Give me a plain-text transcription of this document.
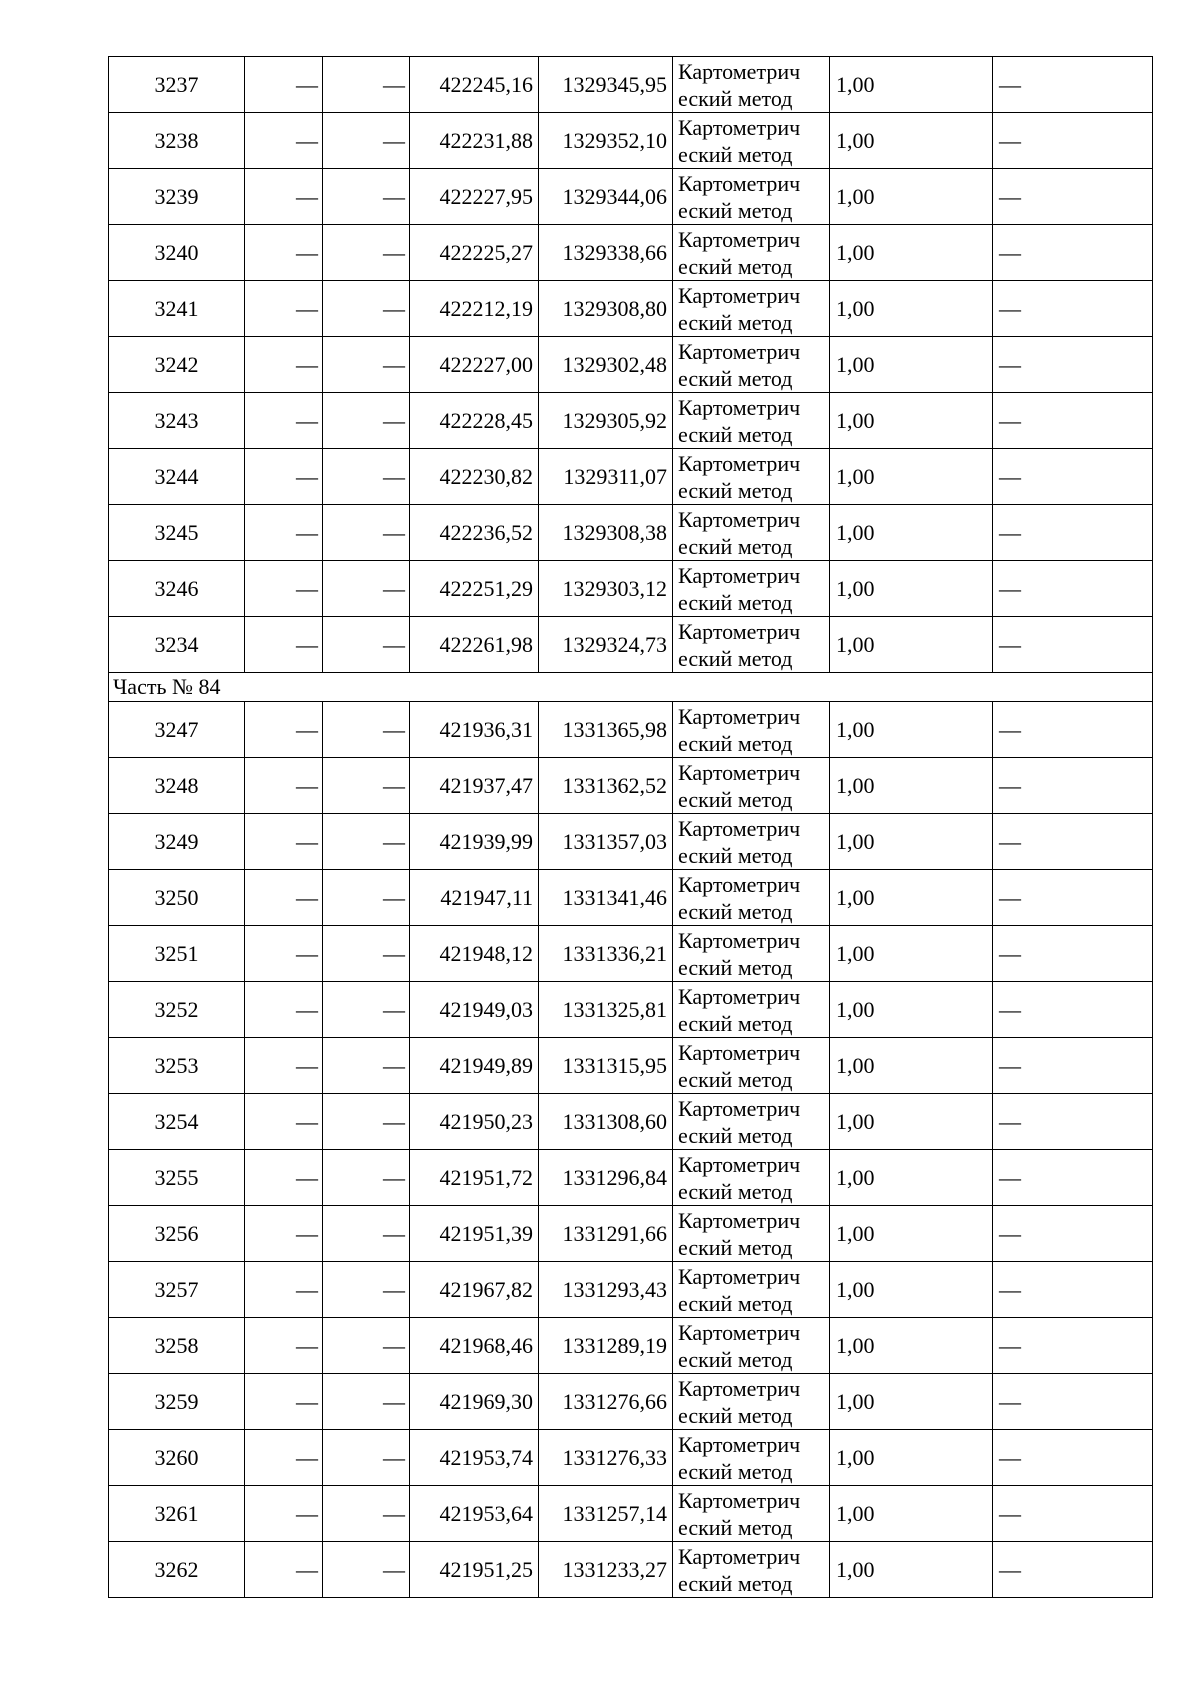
3237	—	—	422245,16	1329345,95	Картометрич
еский метод	1,00	—
3238	—	—	422231,88	1329352,10	Картометрич
еский метод	1,00	—
3239	—	—	422227,95	1329344,06	Картометрич
еский метод	1,00	—
3240	—	—	422225,27	1329338,66	Картометрич
еский метод	1,00	—
3241	—	—	422212,19	1329308,80	Картометрич
еский метод	1,00	—
3242	—	—	422227,00	1329302,48	Картометрич
еский метод	1,00	—
3243	—	—	422228,45	1329305,92	Картометрич
еский метод	1,00	—
3244	—	—	422230,82	1329311,07	Картометрич
еский метод	1,00	—
3245	—	—	422236,52	1329308,38	Картометрич
еский метод	1,00	—
3246	—	—	422251,29	1329303,12	Картометрич
еский метод	1,00	—
3234	—	—	422261,98	1329324,73	Картометрич
еский метод	1,00	—
Часть № 84							
3247	—	—	421936,31	1331365,98	Картометрич
еский метод	1,00	—
3248	—	—	421937,47	1331362,52	Картометрич
еский метод	1,00	—
3249	—	—	421939,99	1331357,03	Картометрич
еский метод	1,00	—
3250	—	—	421947,11	1331341,46	Картометрич
еский метод	1,00	—
3251	—	—	421948,12	1331336,21	Картометрич
еский метод	1,00	—
3252	—	—	421949,03	1331325,81	Картометрич
еский метод	1,00	—
3253	—	—	421949,89	1331315,95	Картометрич
еский метод	1,00	—
3254	—	—	421950,23	1331308,60	Картометрич
еский метод	1,00	—
3255	—	—	421951,72	1331296,84	Картометрич
еский метод	1,00	—
3256	—	—	421951,39	1331291,66	Картометрич
еский метод	1,00	—
3257	—	—	421967,82	1331293,43	Картометрич
еский метод	1,00	—
3258	—	—	421968,46	1331289,19	Картометрич
еский метод	1,00	—
3259	—	—	421969,30	1331276,66	Картометрич
еский метод	1,00	—
3260	—	—	421953,74	1331276,33	Картометрич
еский метод	1,00	—
3261	—	—	421953,64	1331257,14	Картометрич
еский метод	1,00	—
3262	—	—	421951,25	1331233,27	Картометрич
еский метод	1,00	—
